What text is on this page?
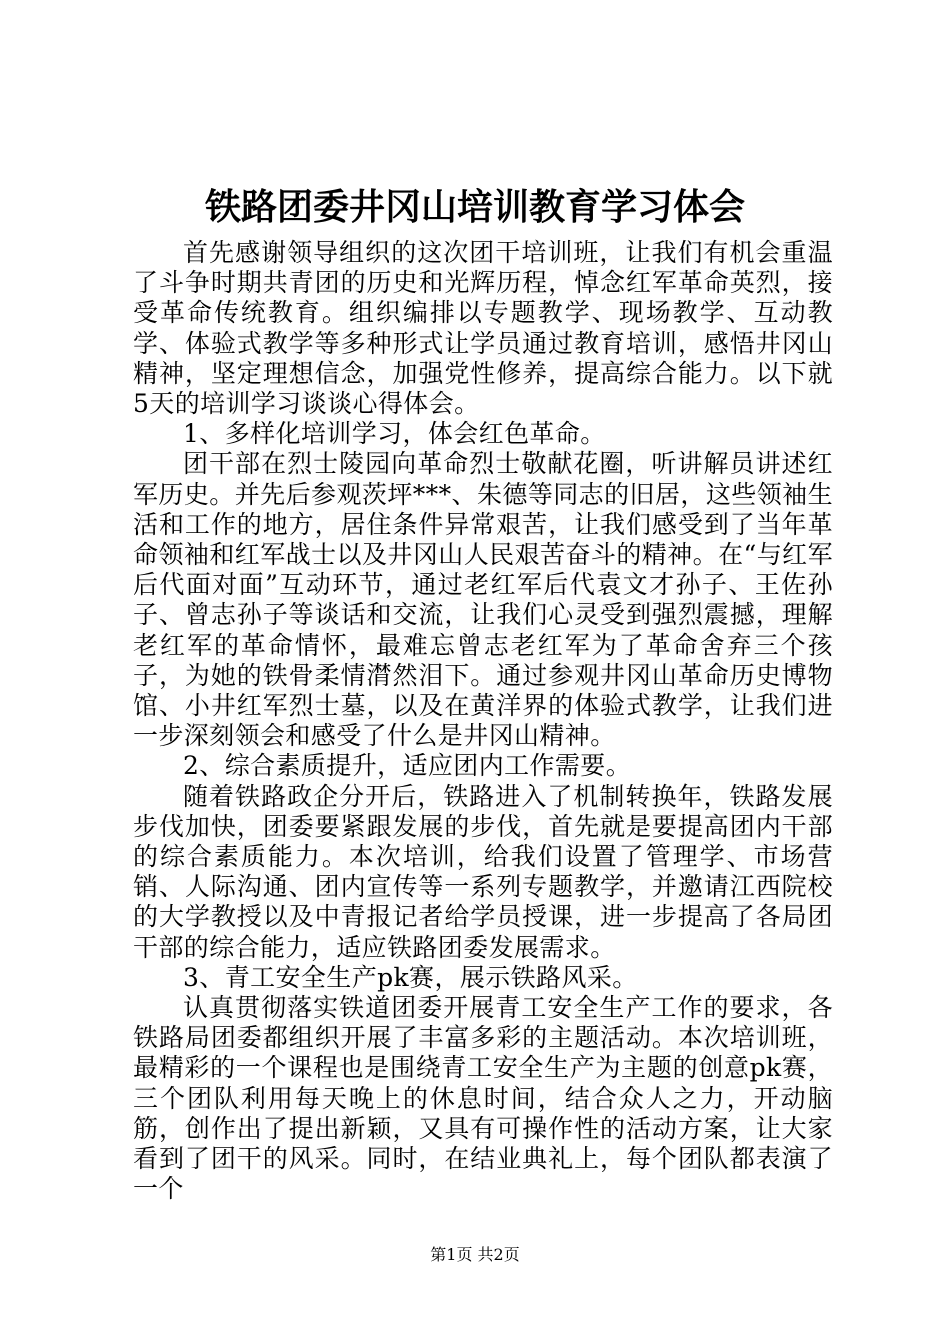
铁路团委井冈山培训教育学习体会

首先感谢领导组织的这次团干培训班，让我们有机会重温了斗争时期共青团的历史和光辉历程，悼念红军革命英烈，接受革命传统教育。组织编排以专题教学、现场教学、互动教学、体验式教学等多种形式让学员通过教育培训，感悟井冈山精神，坚定理想信念，加强党性修养，提高综合能力。以下就5天的培训学习谈谈心得体会。

1、多样化培训学习，体会红色革命。

团干部在烈士陵园向革命烈士敬献花圈，听讲解员讲述红军历史。并先后参观茨坪***、朱德等同志的旧居，这些领袖生活和工作的地方，居住条件异常艰苦，让我们感受到了当年革命领袖和红军战士以及井冈山人民艰苦奋斗的精神。在“与红军后代面对面”互动环节，通过老红军后代袁文才孙子、王佐孙子、曾志孙子等谈话和交流，让我们心灵受到强烈震撼，理解老红军的革命情怀，最难忘曾志老红军为了革命舍弃三个孩子，为她的铁骨柔情潸然泪下。通过参观井冈山革命历史博物馆、小井红军烈士墓，以及在黄洋界的体验式教学，让我们进一步深刻领会和感受了什么是井冈山精神。

2、综合素质提升，适应团内工作需要。

随着铁路政企分开后，铁路进入了机制转换年，铁路发展步伐加快，团委要紧跟发展的步伐，首先就是要提高团内干部的综合素质能力。本次培训，给我们设置了管理学、市场营销、人际沟通、团内宣传等一系列专题教学，并邀请江西院校的大学教授以及中青报记者给学员授课，进一步提高了各局团干部的综合能力，适应铁路团委发展需求。

3、青工安全生产pk赛，展示铁路风采。

认真贯彻落实铁道团委开展青工安全生产工作的要求，各铁路局团委都组织开展了丰富多彩的主题活动。本次培训班，最精彩的一个课程也是围绕青工安全生产为主题的创意pk赛，三个团队利用每天晚上的休息时间，结合众人之力，开动脑筋，创作出了提出新颖，又具有可操作性的活动方案，让大家看到了团干的风采。同时，在结业典礼上，每个团队都表演了一个

第1页 共2页
